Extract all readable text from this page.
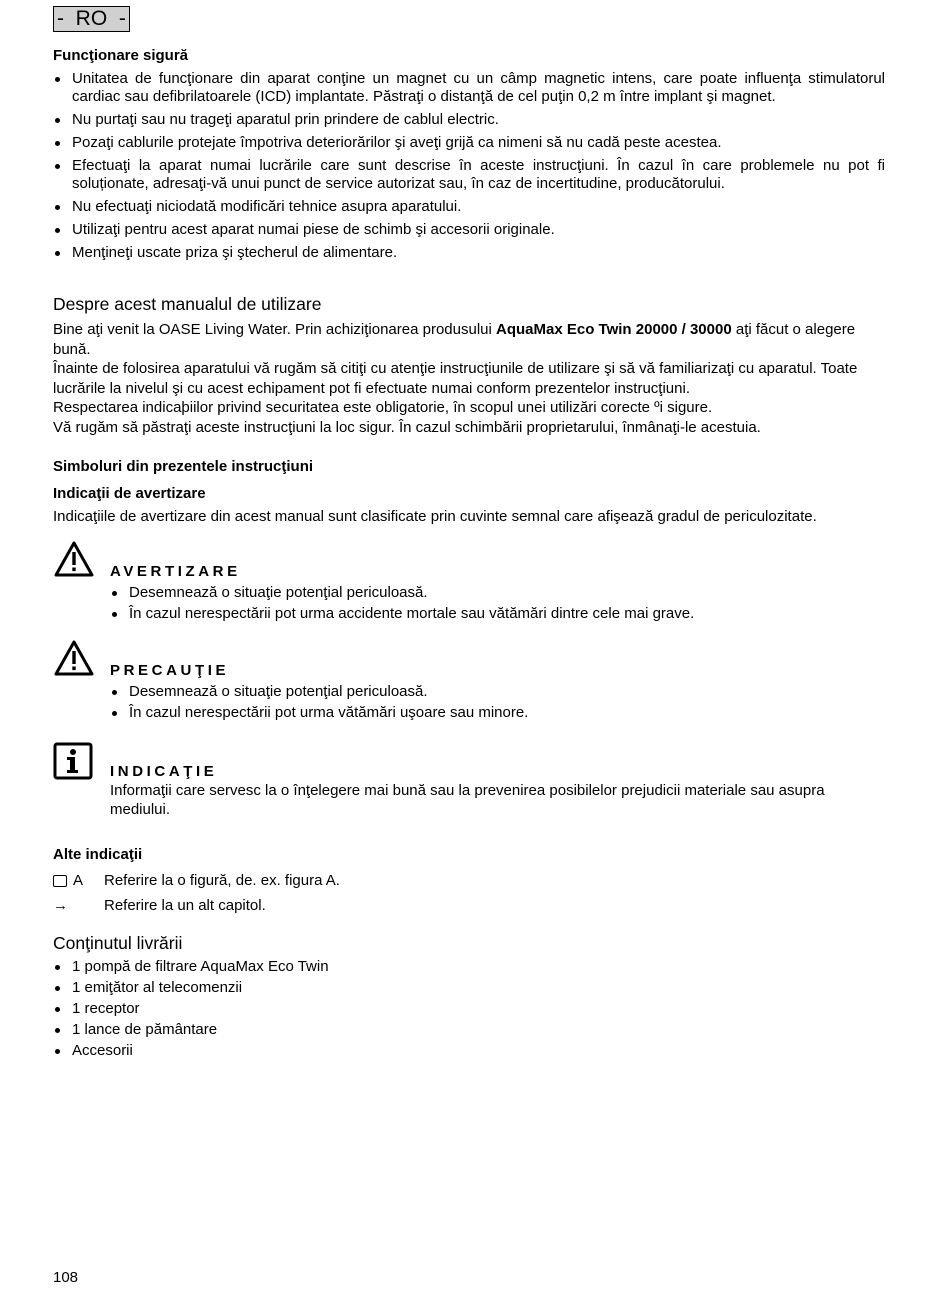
-  RO  -
Funcţionare sigură
Unitatea de funcţionare din aparat conţine un magnet cu un câmp magnetic intens, care poate influenţa stimulatorul cardiac sau defibrilatoarele (ICD) implantate. Păstraţi o distanţă de cel puţin 0,2 m între implant şi magnet.
Nu purtaţi sau nu trageţi aparatul prin prindere de cablul electric.
Pozaţi cablurile protejate împotriva deteriorărilor şi aveţi grijă ca nimeni să nu cadă peste acestea.
Efectuaţi la aparat numai lucrările care sunt descrise în aceste instrucţiuni. În cazul în care problemele nu pot fi soluționate, adresaţi-vă unui punct de service autorizat sau, în caz de incertitudine, producătorului.
Nu efectuaţi niciodată modificări tehnice asupra aparatului.
Utilizaţi pentru acest aparat numai piese de schimb şi accesorii originale.
Menţineţi uscate priza şi ştecherul de alimentare.
Despre acest manualul de utilizare

Bine aţi venit la OASE Living Water. Prin achiziţionarea produsului AquaMax Eco Twin 20000 / 30000 aţi făcut o alegere bună.

Înainte de folosirea aparatului vă rugăm să citiţi cu atenţie instrucţiunile de utilizare şi să vă familiarizaţi cu aparatul. Toate lucrările la nivelul şi cu acest echipament pot fi efectuate numai conform prezentelor instrucţiuni.

Respectarea indicaþiilor privind securitatea este obligatorie, în scopul unei utilizări corecte ºi sigure.

Vă rugăm să păstraţi aceste instrucţiuni la loc sigur. În cazul schimbării proprietarului, înmânaţi-le acestuia.

Simboluri din prezentele instrucţiuni
Indicaţii de avertizare

Indicaţiile de avertizare din acest manual sunt clasificate prin cuvinte semnal care afişează gradul de periculozitate.

AVERTIZARE
Desemnează o situaţie potenţial periculoasă.
În cazul nerespectării pot urma accidente mortale sau vătămări dintre cele mai grave.
PRECAUŢIE
Desemnează o situaţie potenţial periculoasă.
În cazul nerespectării pot urma vătămări uşoare sau minore.
INDICAŢIE

Informaţii care servesc la o înţelegere mai bună sau la prevenirea posibilelor prejudicii materiale sau asupra mediului.

Alte indicaţii
A Referire la o figură, de. ex. figura A.
→	Referire la un alt capitol.
Conţinutul livrării
1 pompă de filtrare AquaMax Eco Twin
1 emiţător al telecomenzii
1 receptor
1 lance de pământare
Accesorii
108
